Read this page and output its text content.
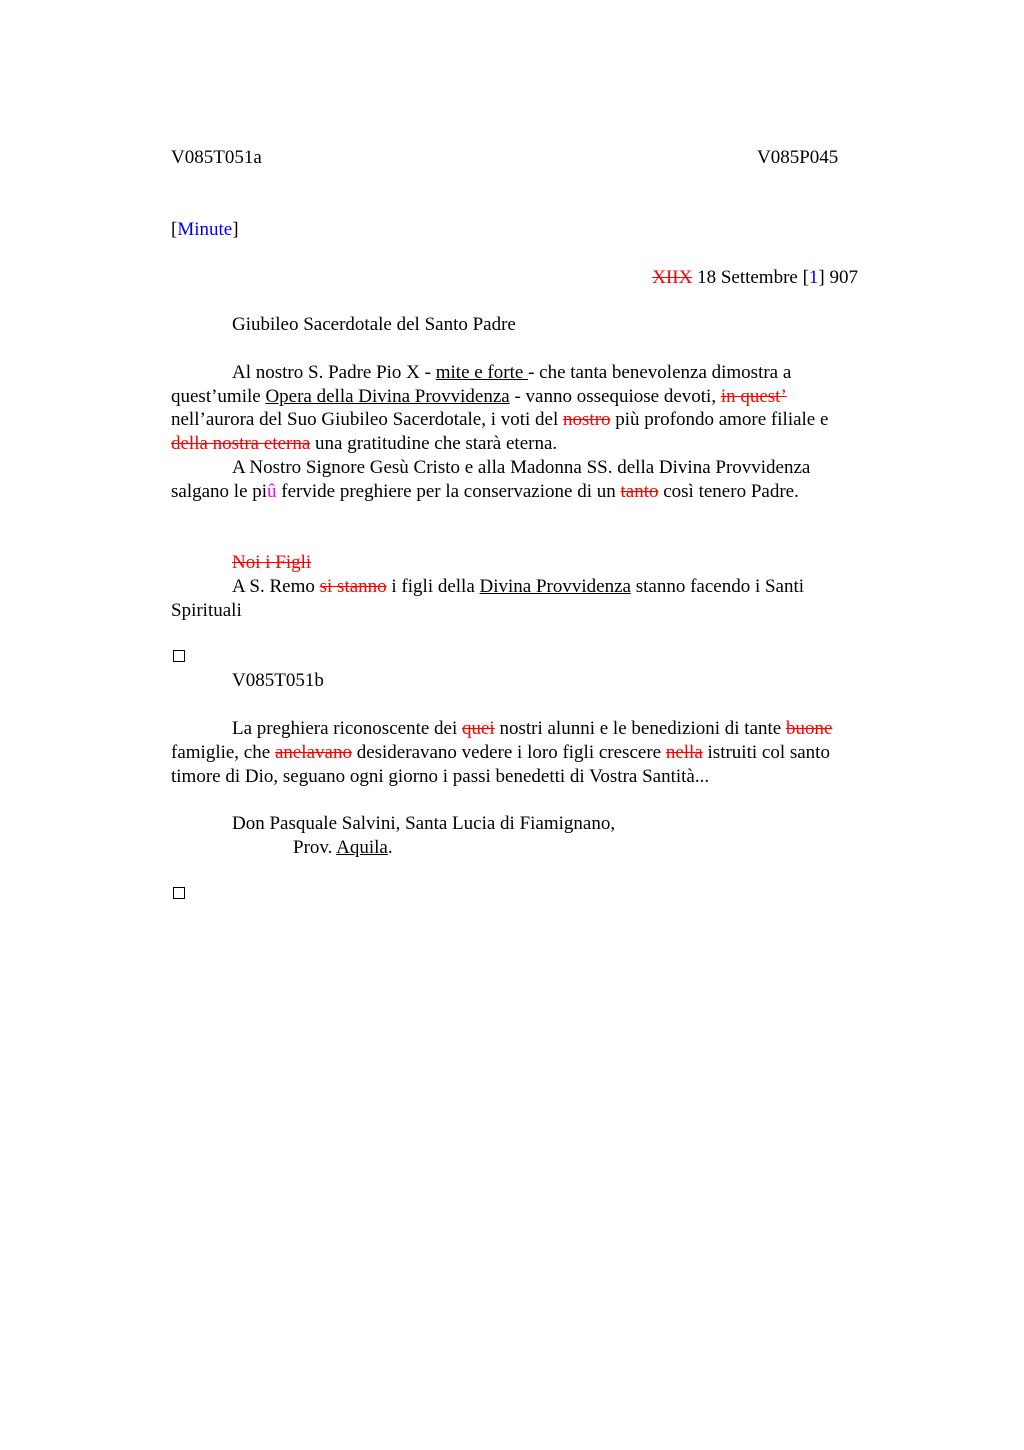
V085T051a	V085P045
[Minute]
XIIX 18 Settembre [1] 907
Giubileo Sacerdotale del Santo Padre
Al nostro S. Padre Pio X - mite e forte - che tanta benevolenza dimostra a
quest’umile Opera della Divina Provvidenza - vanno ossequiose devoti, in quest’
nell’aurora del Suo Giubileo Sacerdotale, i voti del nostro più profondo amore filiale e
della nostra eterna una gratitudine che starà eterna.
A Nostro Signore Gesù Cristo e alla Madonna SS. della Divina Provvidenza
salgano le piû fervide preghiere per la conservazione di un tanto così tenero Padre.
Noi i Figli
A S. Remo si stanno i figli della Divina Provvidenza stanno facendo i Santi
Spirituali
V085T051b
La preghiera riconoscente dei quei nostri alunni e le benedizioni di tante buone
famiglie, che anelavano desideravano vedere i loro figli crescere nella istruiti col santo
timore di Dio, seguano ogni giorno i passi benedetti di Vostra Santità...
Don Pasquale Salvini, Santa Lucia di Fiamignano,
Prov. Aquila.
